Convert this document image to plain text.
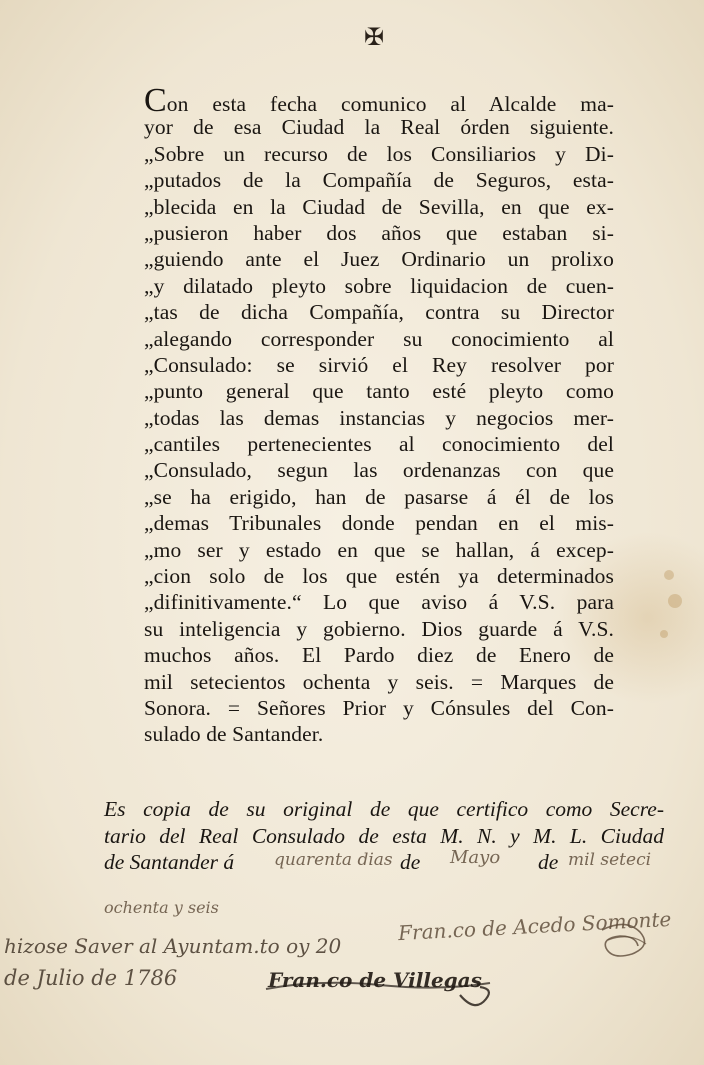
✠
Con esta fecha comunico al Alcalde ma-
yor de esa Ciudad la Real órden siguiente.
„Sobre un recurso de los Consiliarios y Di-
„putados de la Compañía de Seguros, esta-
„blecida en la Ciudad de Sevilla, en que ex-
„pusieron haber dos años que estaban si-
„guiendo ante el Juez Ordinario un prolixo
„y dilatado pleyto sobre liquidacion de cuen-
„tas de dicha Compañía, contra su Director
„alegando corresponder su conocimiento al
„Consulado: se sirvió el Rey resolver por
„punto general que tanto esté pleyto como
„todas las demas instancias y negocios mer-
„cantiles pertenecientes al conocimiento del
„Consulado, segun las ordenanzas con que
„se ha erigido, han de pasarse á él de los
„demas Tribunales donde pendan en el mis-
„mo ser y estado en que se hallan, á excep-
„cion solo de los que estén ya determinados
„difinitivamente.“ Lo que aviso á V.S. para
su inteligencia y gobierno. Dios guarde á V.S.
muchos años. El Pardo diez de Enero de
mil setecientos ochenta y seis. = Marques de
Sonora. = Señores Prior y Cónsules del Con-
sulado de Santander.
Es copia de su original de que certifico como Secre-
tario del Real Consulado de esta M. N. y M. L. Ciudad
de Santander á quarenta dias de Mayo de mil seteci
ochenta y seis
hizose Saver al Ayuntam.to oy 20
de Julio de 1786
Fran.co de Acedo Somonte
Fran.co de Villegas
